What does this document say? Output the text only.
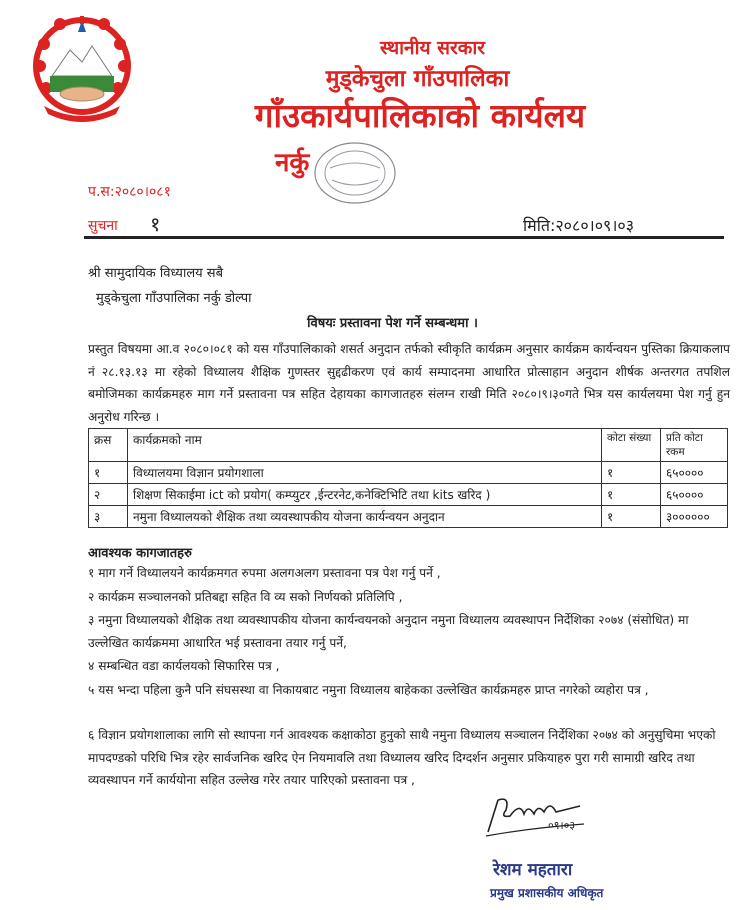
स्थानीय सरकार
मुड्केचुला गाँउपालिका
गाँउकार्यपालिकाको कार्यलय
नर्कु
प.स:२०८०।०८१
सुचना १	मिति:२०८०।०९।०३
श्री सामुदायिक विध्यालय सबै
मुड्केचुला गाँउपालिका नर्कु डोल्पा
विषयः प्रस्तावना पेश गर्ने सम्बन्धमा ।
प्रस्तुत विषयमा आ.व २०८०।०८१ को यस गाँउपालिकाको शसर्त अनुदान तर्फको स्वीकृति कार्यक्रम अनुसार कार्यक्रम कार्यन्वयन पुस्तिका क्रियाकलाप नं २८.१३.१३ मा रहेको विध्यालय शैक्षिक गुणस्तर सुद्दढीकरण एवं कार्य सम्पादनमा आधारित प्रोत्साहान अनुदान शीर्षक अन्तरगत तपशिल बमोजिमका कार्यक्रमहरु माग गर्ने प्रस्तावना पत्र सहित देहायका कागजातहरु संलग्न राखी मिति २०८०।९।३०गते भित्र यस कार्यलयमा पेश गर्नु हुन अनुरोध गरिन्छ ।
क्रस	कार्यक्रमको नाम	कोटा संख्या	प्रति कोटा रकम
१	विध्यालयमा विज्ञान प्रयोगशाला	१	६५००००
२	शिक्षण सिकाईमा ict को प्रयोग( कम्प्युटर ,ईन्टरनेट,कनेक्टिभिटि तथा kits खरिद )	१	६५००००
३	नमुना विध्यालयको शैक्षिक तथा व्यवस्थापकीय योजना कार्यन्वयन अनुदान	१	३००००००
आवश्यक कागजातहरु
१ माग गर्ने विध्यालयने कार्यक्रमगत रुपमा अलगअलग प्रस्तावना पत्र पेश गर्नु पर्ने ,
२ कार्यक्रम सञ्चालनको प्रतिबद्दा सहित वि व्य सको निर्णयको प्रतिलिपि ,
३ नमुना विध्यालयको शैक्षिक तथा व्यवस्थापकीय योजना कार्यन्वयनको अनुदान नमुना विध्यालय व्यवस्थापन निर्देशिका २०७४ (संसोधित) मा उल्लेखित कार्यक्रममा आधारित भई प्रस्तावना तयार गर्नु पर्ने,
४ सम्बन्धित वडा कार्यलयको सिफारिस पत्र ,
५ यस भन्दा पहिला कुनै पनि संघसस्था वा निकायबाट नमुना विध्यालय बाहेकका उल्लेखित कार्यक्रमहरु प्राप्त नगरेको व्यहोरा पत्र ,
६ विज्ञान प्रयोगशालाका लागि सो स्थापना गर्न आवश्यक कक्षाकोठा हुनुको साथै नमुना विध्यालय सञ्चालन निर्देशिका २०७४ को अनुसुचिमा भएको मापदण्डको परिधि भित्र रहेर सार्वजनिक खरिद ऐन नियमावलि तथा विध्यालय खरिद दिग्दर्शन अनुसार प्रकियाहरु पुरा गरी सामाग्री खरिद तथा व्यवस्थापन गर्ने कार्ययोना सहित उल्लेख गरेर तयार पारिएको प्रस्तावना पत्र ,
०९।०३
रेशम महतारा
प्रमुख प्रशासकीय अधिकृत
